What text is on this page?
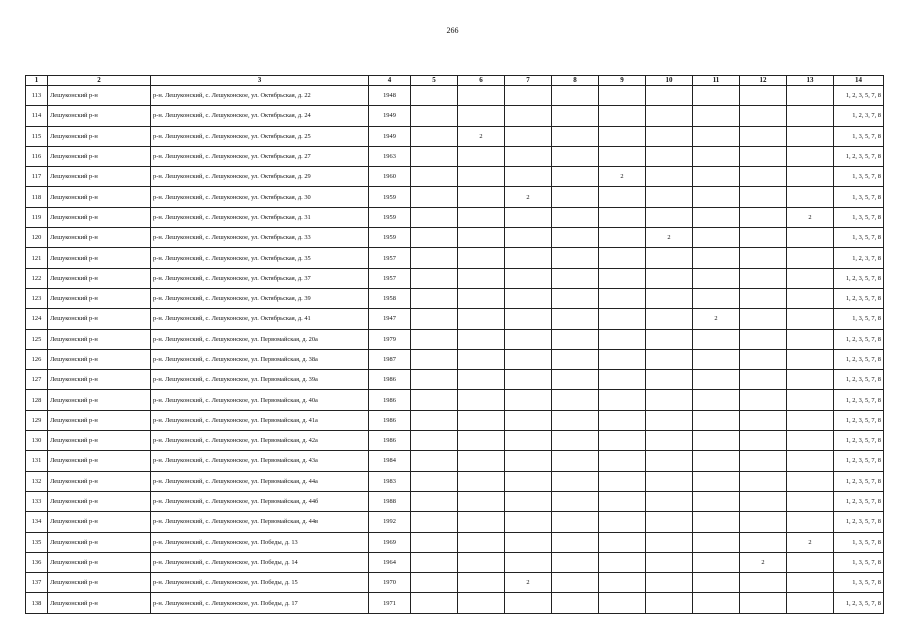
266
1	2	3	4	5	6	7	8	9	10	11	12	13	14
113	Лешуконский р-н	р-н. Лешуконский, с. Лешуконское, ул. Октябрьская, д. 22	1948										1, 2, 3, 5, 7, 8
114	Лешуконский р-н	р-н. Лешуконский, с. Лешуконское, ул. Октябрьская, д. 24	1949										1, 2, 3, 7, 8
115	Лешуконский р-н	р-н. Лешуконский, с. Лешуконское, ул. Октябрьская, д. 25	1949		2								1, 3, 5, 7, 8
116	Лешуконский р-н	р-н. Лешуконский, с. Лешуконское, ул. Октябрьская, д. 27	1963										1, 2, 3, 5, 7, 8
117	Лешуконский р-н	р-н. Лешуконский, с. Лешуконское, ул. Октябрьская, д. 29	1960					2					1, 3, 5, 7, 8
118	Лешуконский р-н	р-н. Лешуконский, с. Лешуконское, ул. Октябрьская, д. 30	1959			2							1, 3, 5, 7, 8
119	Лешуконский р-н	р-н. Лешуконский, с. Лешуконское, ул. Октябрьская, д. 31	1959									2	1, 3, 5, 7, 8
120	Лешуконский р-н	р-н. Лешуконский, с. Лешуконское, ул. Октябрьская, д. 33	1959						2				1, 3, 5, 7, 8
121	Лешуконский р-н	р-н. Лешуконский, с. Лешуконское, ул. Октябрьская, д. 35	1957										1, 2, 3, 7, 8
122	Лешуконский р-н	р-н. Лешуконский, с. Лешуконское, ул. Октябрьская, д. 37	1957										1, 2, 3, 5, 7, 8
123	Лешуконский р-н	р-н. Лешуконский, с. Лешуконское, ул. Октябрьская, д. 39	1958										1, 2, 3, 5, 7, 8
124	Лешуконский р-н	р-н. Лешуконский, с. Лешуконское, ул. Октябрьская, д. 41	1947							2			1, 3, 5, 7, 8
125	Лешуконский р-н	р-н. Лешуконский, с. Лешуконское, ул. Первомайская, д. 20а	1979										1, 2, 3, 5, 7, 8
126	Лешуконский р-н	р-н. Лешуконский, с. Лешуконское, ул. Первомайская, д. 38а	1987										1, 2, 3, 5, 7, 8
127	Лешуконский р-н	р-н. Лешуконский, с. Лешуконское, ул. Первомайская, д. 39а	1986										1, 2, 3, 5, 7, 8
128	Лешуконский р-н	р-н. Лешуконский, с. Лешуконское, ул. Первомайская, д. 40а	1986										1, 2, 3, 5, 7, 8
129	Лешуконский р-н	р-н. Лешуконский, с. Лешуконское, ул. Первомайская, д. 41а	1986										1, 2, 3, 5, 7, 8
130	Лешуконский р-н	р-н. Лешуконский, с. Лешуконское, ул. Первомайская, д. 42а	1986										1, 2, 3, 5, 7, 8
131	Лешуконский р-н	р-н. Лешуконский, с. Лешуконское, ул. Первомайская, д. 43а	1984										1, 2, 3, 5, 7, 8
132	Лешуконский р-н	р-н. Лешуконский, с. Лешуконское, ул. Первомайская, д. 44а	1983										1, 2, 3, 5, 7, 8
133	Лешуконский р-н	р-н. Лешуконский, с. Лешуконское, ул. Первомайская, д. 44б	1988										1, 2, 3, 5, 7, 8
134	Лешуконский р-н	р-н. Лешуконский, с. Лешуконское, ул. Первомайская, д. 44в	1992										1, 2, 3, 5, 7, 8
135	Лешуконский р-н	р-н. Лешуконский, с. Лешуконское, ул. Победы, д. 13	1969									2	1, 3, 5, 7, 8
136	Лешуконский р-н	р-н. Лешуконский, с. Лешуконское, ул. Победы, д. 14	1964								2		1, 3, 5, 7, 8
137	Лешуконский р-н	р-н. Лешуконский, с. Лешуконское, ул. Победы, д. 15	1970			2							1, 3, 5, 7, 8
138	Лешуконский р-н	р-н. Лешуконский, с. Лешуконское, ул. Победы, д. 17	1971										1, 2, 3, 5, 7, 8
